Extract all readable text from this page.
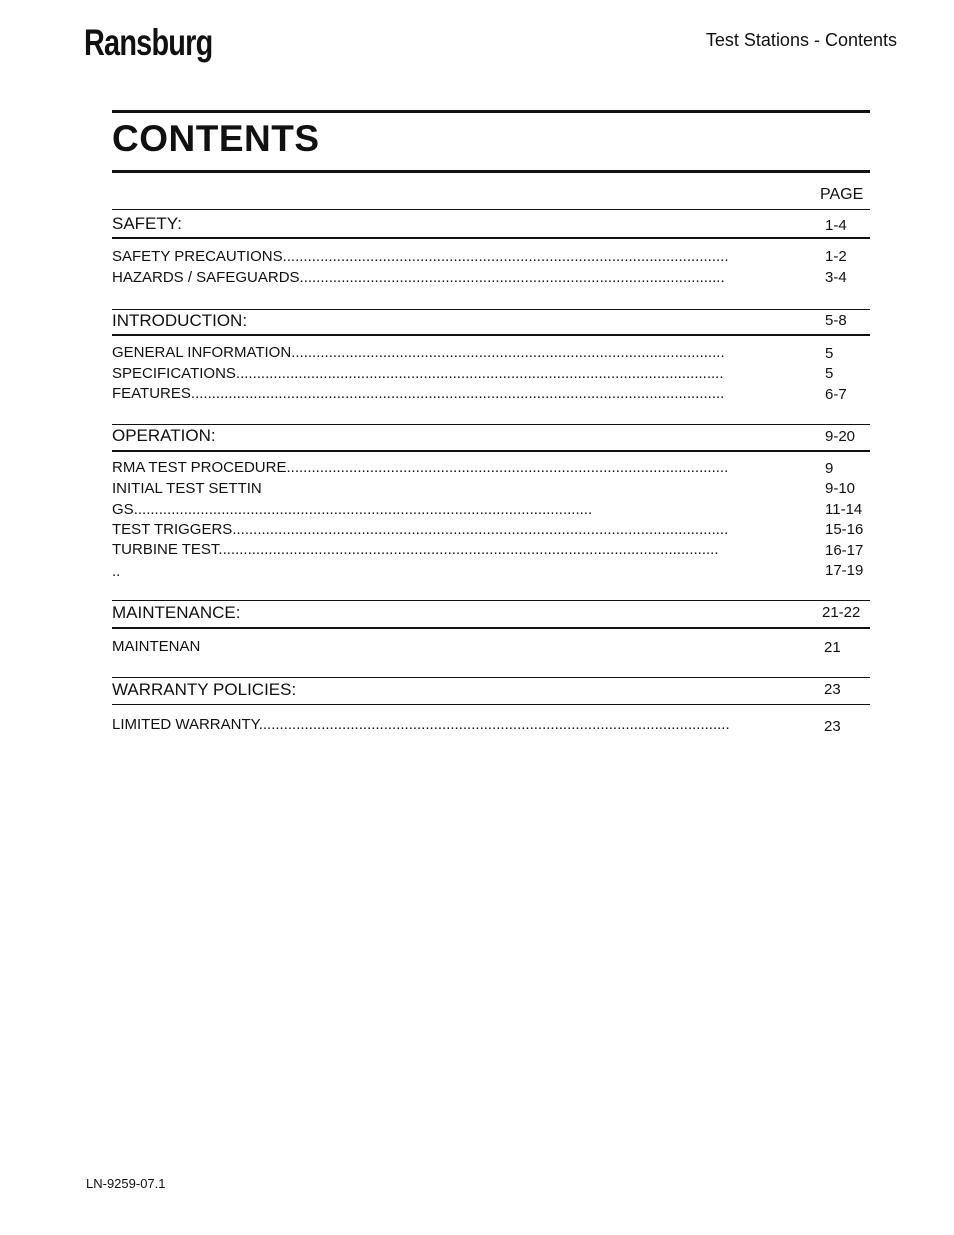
Ransburg	Test Stations - Contents
CONTENTS
PAGE
SAFETY:	1-4
SAFETY PRECAUTIONS...........................................................................................................	1-2
HAZARDS / SAFEGUARDS......................................................................................................	3-4
INTRODUCTION:	5-8
GENERAL INFORMATION........................................................................................................	5
SPECIFICATIONS.....................................................................................................................	5
FEATURES................................................................................................................................	6-7
OPERATION:	9-20
RMA TEST PROCEDURE..........................................................................................................	9
INITIAL TEST SETTIN	9-10
GS..............................................................................................................	11-14
TEST TRIGGERS.......................................................................................................................	15-16
TURBINE TEST........................................................................................................................	16-17
..	17-19
MAINTENANCE:	21-22
MAINTENAN	21
WARRANTY POLICIES:	23
LIMITED WARRANTY.................................................................................................................	23
LN-9259-07.1
